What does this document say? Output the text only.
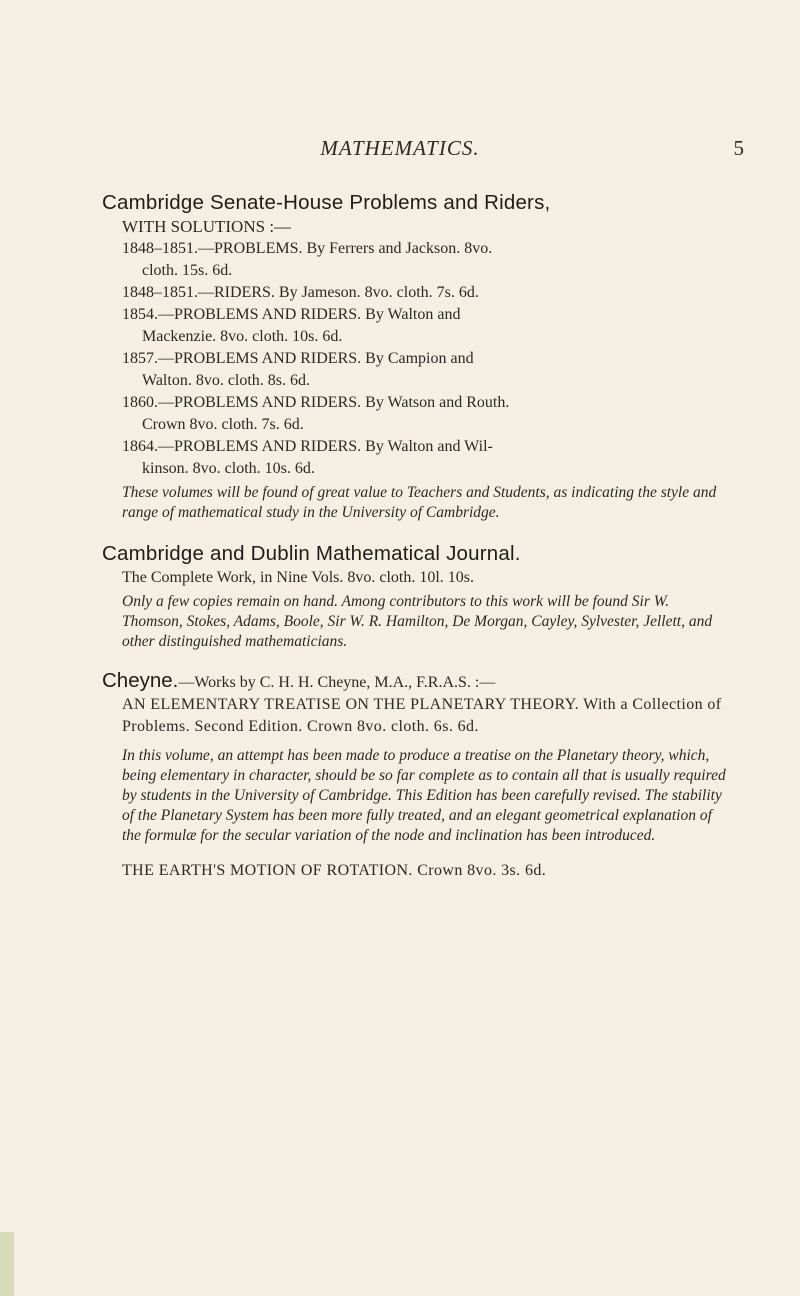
MATHEMATICS.	5
Cambridge Senate-House Problems and Riders,
WITH SOLUTIONS :—
1848–1851.—PROBLEMS. By Ferrers and Jackson. 8vo.
cloth. 15s. 6d.
1848–1851.—RIDERS. By Jameson. 8vo. cloth. 7s. 6d.
1854.—PROBLEMS AND RIDERS. By Walton and
Mackenzie. 8vo. cloth. 10s. 6d.
1857.—PROBLEMS AND RIDERS. By Campion and
Walton. 8vo. cloth. 8s. 6d.
1860.—PROBLEMS AND RIDERS. By Watson and Routh.
Crown 8vo. cloth. 7s. 6d.
1864.—PROBLEMS AND RIDERS. By Walton and Wil-
kinson. 8vo. cloth. 10s. 6d.

These volumes will be found of great value to Teachers and Students, as indicating the style and range of mathematical study in the University of Cambridge.

Cambridge and Dublin Mathematical Journal.
The Complete Work, in Nine Vols. 8vo. cloth. 10l. 10s.

Only a few copies remain on hand. Among contributors to this work will be found Sir W. Thomson, Stokes, Adams, Boole, Sir W. R. Hamilton, De Morgan, Cayley, Sylvester, Jellett, and other distinguished mathematicians.

Cheyne.—Works by C. H. H. Cheyne, M.A., F.R.A.S. :—
AN ELEMENTARY TREATISE ON THE PLANETARY THEORY. With a Collection of Problems. Second Edition. Crown 8vo. cloth. 6s. 6d.

In this volume, an attempt has been made to produce a treatise on the Planetary theory, which, being elementary in character, should be so far complete as to contain all that is usually required by students in the University of Cambridge. This Edition has been carefully revised. The stability of the Planetary System has been more fully treated, and an elegant geometrical explanation of the formulæ for the secular variation of the node and inclination has been introduced.

THE EARTH'S MOTION OF ROTATION. Crown 8vo. 3s. 6d.
